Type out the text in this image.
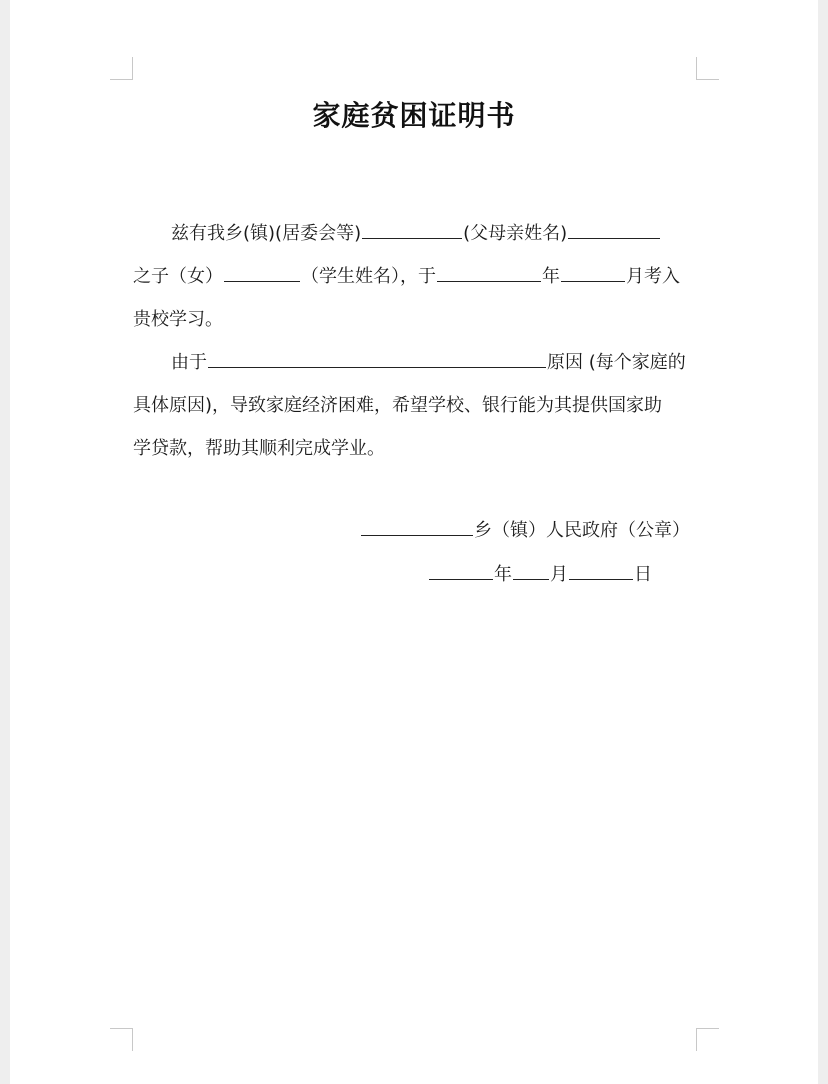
家庭贫困证明书
兹有我乡(镇)(居委会等)	(父母亲姓名)
之子（女）	（学生姓名），于	年	月考入
贵校学习。
由于	原因 (每个家庭的
具体原因)，导致家庭经济困难，希望学校、银行能为其提供国家助
学贷款，帮助其顺利完成学业。
乡（镇）人民政府（公章）
年 月	日
